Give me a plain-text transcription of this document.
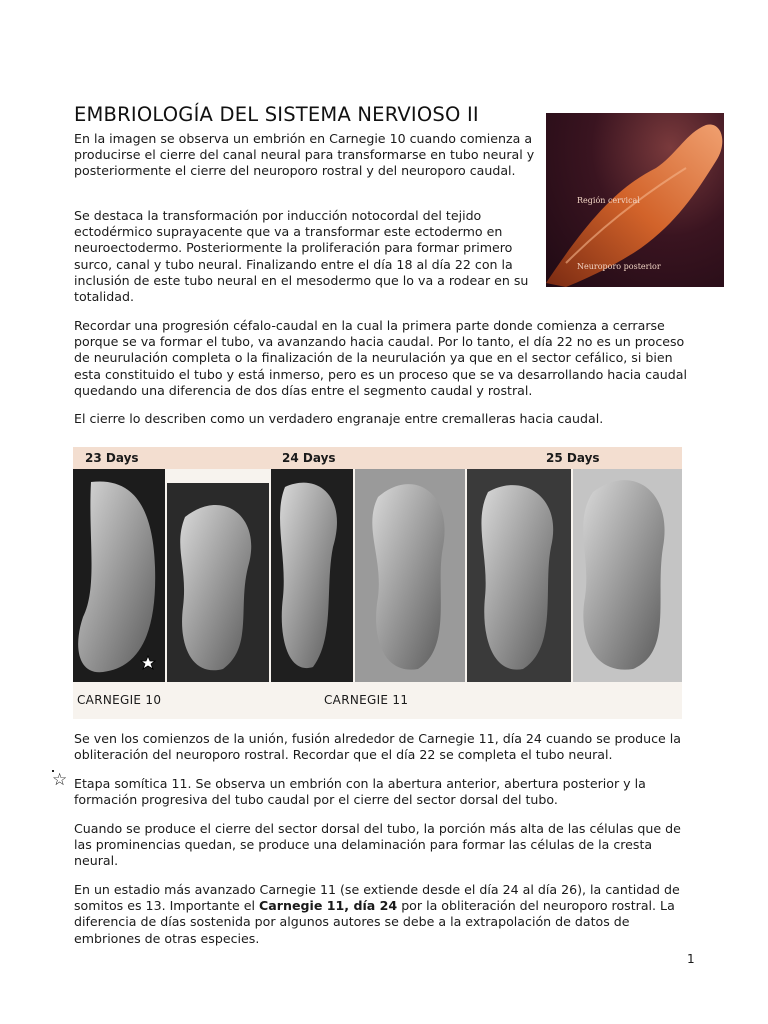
EMBRIOLOGÍA DEL SISTEMA NERVIOSO II

En la imagen se observa un embrión en Carnegie 10 cuando comienza a producirse el cierre del canal neural para transformarse en tubo neural y posteriormente el cierre del neuroporo rostral y del neuroporo caudal.

Se destaca la transformación por inducción notocordal del tejido ectodérmico suprayacente que va a transformar este ectodermo en neuroectodermo. Posteriormente la proliferación para formar primero surco, canal y tubo neural. Finalizando entre el día 18 al día 22 con la inclusión de este tubo neural en el mesodermo que lo va a rodear en su totalidad.

Región cervical
Neuroporo posterior

Recordar una progresión céfalo-caudal en la cual la primera parte donde comienza a cerrarse porque se va formar el tubo, va avanzando hacia caudal. Por lo tanto, el día 22 no es un proceso de neurulación completa o la finalización de la neurulación ya que en el sector cefálico, si bien esta constituido el tubo y está inmerso, pero es un proceso que se va desarrollando hacia caudal quedando una diferencia de dos días entre el segmento caudal y rostral.

El cierre lo describen como un verdadero engranaje entre cremalleras hacia caudal.

23 Days	24 Days	25 Days
CARNEGIE 10	CARNEGIE 11

Se ven los comienzos de la unión, fusión alrededor de Carnegie 11, día 24 cuando se produce la obliteración del neuroporo rostral. Recordar que el día 22 se completa el tubo neural.

☆ Etapa somítica 11. Se observa un embrión con la abertura anterior, abertura posterior y la formación progresiva del tubo caudal por el cierre del sector dorsal del tubo.

Cuando se produce el cierre del sector dorsal del tubo, la porción más alta de las células que de las prominencias quedan, se produce una delaminación para formar las células de la cresta neural.

En un estadio más avanzado Carnegie 11 (se extiende desde el día 24 al día 26), la cantidad de somitos es 13. Importante el Carnegie 11, día 24 por la obliteración del neuroporo rostral. La diferencia de días sostenida por algunos autores se debe a la extrapolación de datos de embriones de otras especies.

1
